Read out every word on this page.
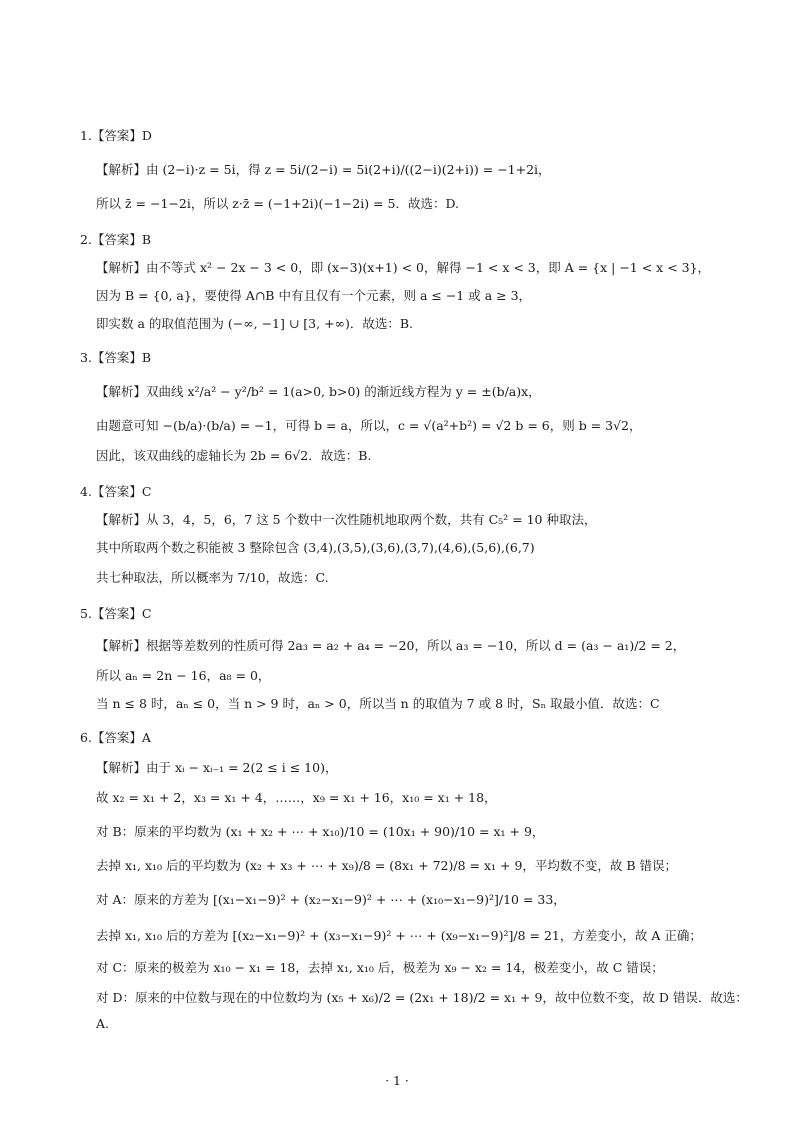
1.【答案】D
【解析】由 (2−i)·z = 5i，得 z = 5i/(2−i) = 5i(2+i)/((2−i)(2+i)) = −1+2i，
所以 z̄ = −1−2i，所以 z·z̄ = (−1+2i)(−1−2i) = 5．故选：D.
2.【答案】B
【解析】由不等式 x² − 2x − 3 < 0，即 (x−3)(x+1) < 0，解得 −1 < x < 3，即 A = {x | −1 < x < 3}，
因为 B = {0, a}，要使得 A∩B 中有且仅有一个元素，则 a ≤ −1 或 a ≥ 3，
即实数 a 的取值范围为 (−∞, −1] ∪ [3, +∞)．故选：B.
3.【答案】B
【解析】双曲线 x²/a² − y²/b² = 1(a>0, b>0) 的渐近线方程为 y = ±(b/a)x，
由题意可知 −(b/a)·(b/a) = −1，可得 b = a，所以，c = √(a²+b²) = √2 b = 6，则 b = 3√2，
因此，该双曲线的虚轴长为 2b = 6√2．故选：B.
4.【答案】C
【解析】从 3，4，5，6，7 这 5 个数中一次性随机地取两个数，共有 C₅² = 10 种取法，
其中所取两个数之积能被 3 整除包含 (3,4),(3,5),(3,6),(3,7),(4,6),(5,6),(6,7)
共七种取法，所以概率为 7/10，故选：C.
5.【答案】C
【解析】根据等差数列的性质可得 2a₃ = a₂ + a₄ = −20，所以 a₃ = −10，所以 d = (a₃ − a₁)/2 = 2，
所以 aₙ = 2n − 16，a₈ = 0，
当 n ≤ 8 时，aₙ ≤ 0，当 n > 9 时，aₙ > 0，所以当 n 的取值为 7 或 8 时，Sₙ 取最小值．故选：C
6.【答案】A
【解析】由于 xᵢ − xᵢ₋₁ = 2(2 ≤ i ≤ 10)，
故 x₂ = x₁ + 2，x₃ = x₁ + 4，……，x₉ = x₁ + 16，x₁₀ = x₁ + 18，
对 B：原来的平均数为 (x₁ + x₂ + ⋯ + x₁₀)/10 = (10x₁ + 90)/10 = x₁ + 9，
去掉 x₁, x₁₀ 后的平均数为 (x₂ + x₃ + ⋯ + x₉)/8 = (8x₁ + 72)/8 = x₁ + 9，平均数不变，故 B 错误；
对 A：原来的方差为 [(x₁−x₁−9)² + (x₂−x₁−9)² + ⋯ + (x₁₀−x₁−9)²]/10 = 33，
去掉 x₁, x₁₀ 后的方差为 [(x₂−x₁−9)² + (x₃−x₁−9)² + ⋯ + (x₉−x₁−9)²]/8 = 21，方差变小，故 A 正确；
对 C：原来的极差为 x₁₀ − x₁ = 18，去掉 x₁, x₁₀ 后，极差为 x₉ − x₂ = 14，极差变小，故 C 错误；
对 D：原来的中位数与现在的中位数均为 (x₅ + x₆)/2 = (2x₁ + 18)/2 = x₁ + 9，故中位数不变，故 D 错误．故选：
A.
· 1 ·
